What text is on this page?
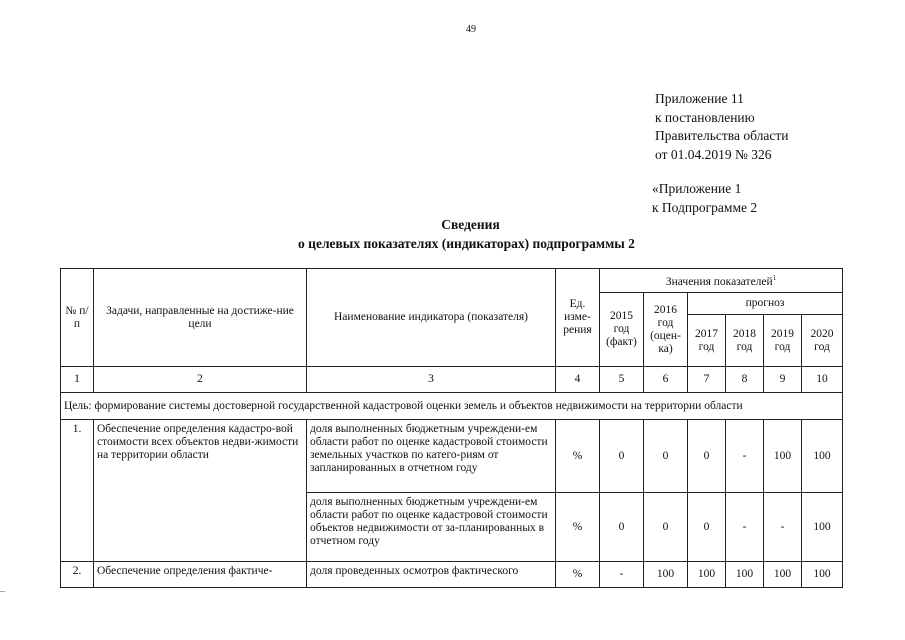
49
Приложение 11
к постановлению
Правительства области
от 01.04.2019 № 326
«Приложение 1
к Подпрограмме 2
Сведения
о целевых показателях (индикаторах) подпрограммы 2
_
№ п/п	Задачи, направленные на достиже-ние цели	Наименование индикатора (показателя)	Ед. изме-рения	Значения показателей$^1$
				2015 год (факт)	2016 год (оцен-ка)	прогноз			
						2017 год	2018 год	2019 год	2020 год
1	2	3	4	5	6	7	8	9	10
Цель: формирование системы достоверной государственной кадастровой оценки земель и объектов недвижимости на территории области									
1.	Обеспечение определения кадастро-вой стоимости всех объектов недви-жимости на территории области	доля выполненных бюджетным учреждени-ем области работ по оценке кадастровой стоимости земельных участков по катего-риям от запланированных в отчетном году	%	0	0	0	-	100	100
		доля выполненных бюджетным учреждени-ем области работ по оценке кадастровой стоимости объектов недвижимости от за-планированных в отчетном году	%	0	0	0	-	-	100
2.	Обеспечение определения фактиче-	доля проведенных осмотров фактического	%	-	100	100	100	100	100
